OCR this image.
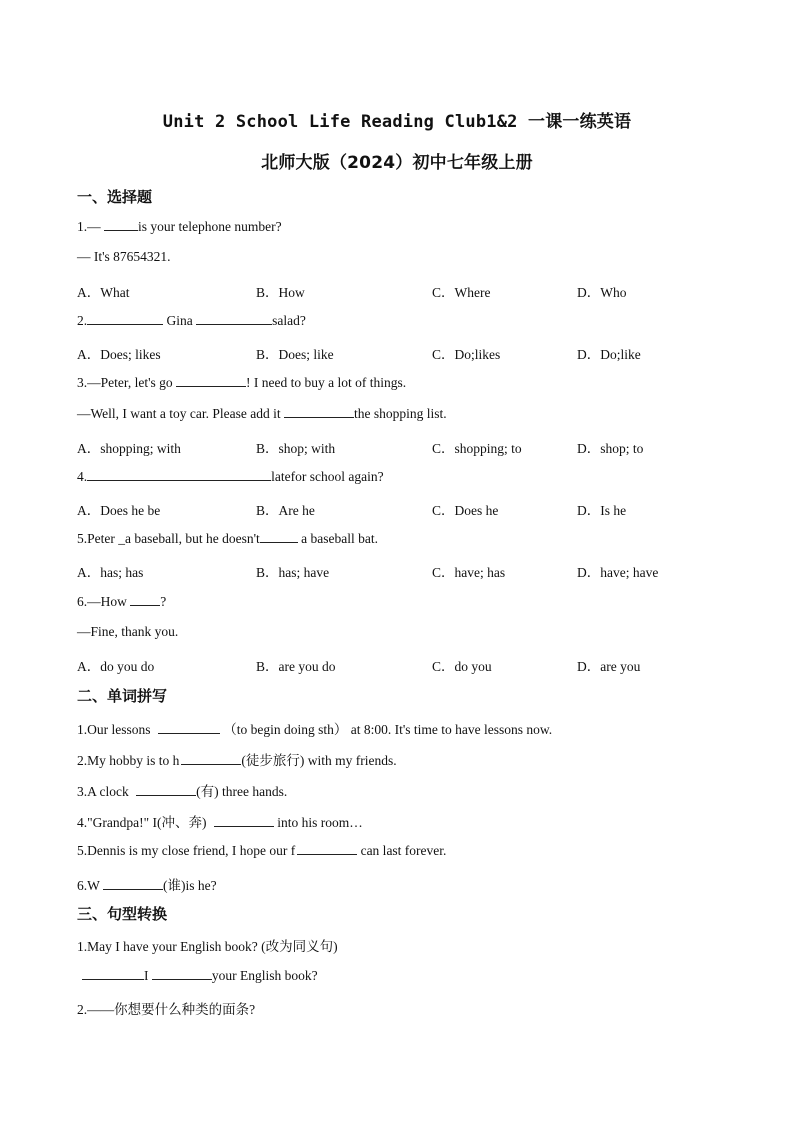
Unit 2 School Life Reading Club1&2 一课一练英语
北师大版（2024）初中七年级上册
一、选择题
1.—	is your telephone number?
— It's 87654321.
A．What	B．How	C．Where	D．Who
2.	Gina	salad?
A．Does; likes	B．Does; like	C．Do;likes	D．Do;like
3.—Peter, let's go	! I need to buy a lot of things.
—Well, I want a toy car. Please add it	the shopping list.
A．shopping; with	B．shop; with	C．shopping; to	D．shop; to
4.	latefor school again?
A．Does he be	B．Are he	C．Does he	D．Is he
5.Peter _a baseball, but he doesn't	a baseball bat.
A．has; has	B．has; have	C．have; has	D．have; have
6.—How ?
—Fine, thank you.
A．do you do	B．are you do	C．do you	D．are you
二、单词拼写
1.Our lessons	（to begin doing sth） at 8:00. It's time to have lessons now.
2.My hobby is to h	(徒步旅行) with my friends.
3.A clock	(有) three hands.
4."Grandpa!" I(冲、奔)	into his room…
5.Dennis is my close friend, I hope our f	can last forever.
6.W	(谁)is he?
三、句型转换
1.May I have your English book? (改为同义句)
I	your English book?
2.——你想要什么种类的面条?
